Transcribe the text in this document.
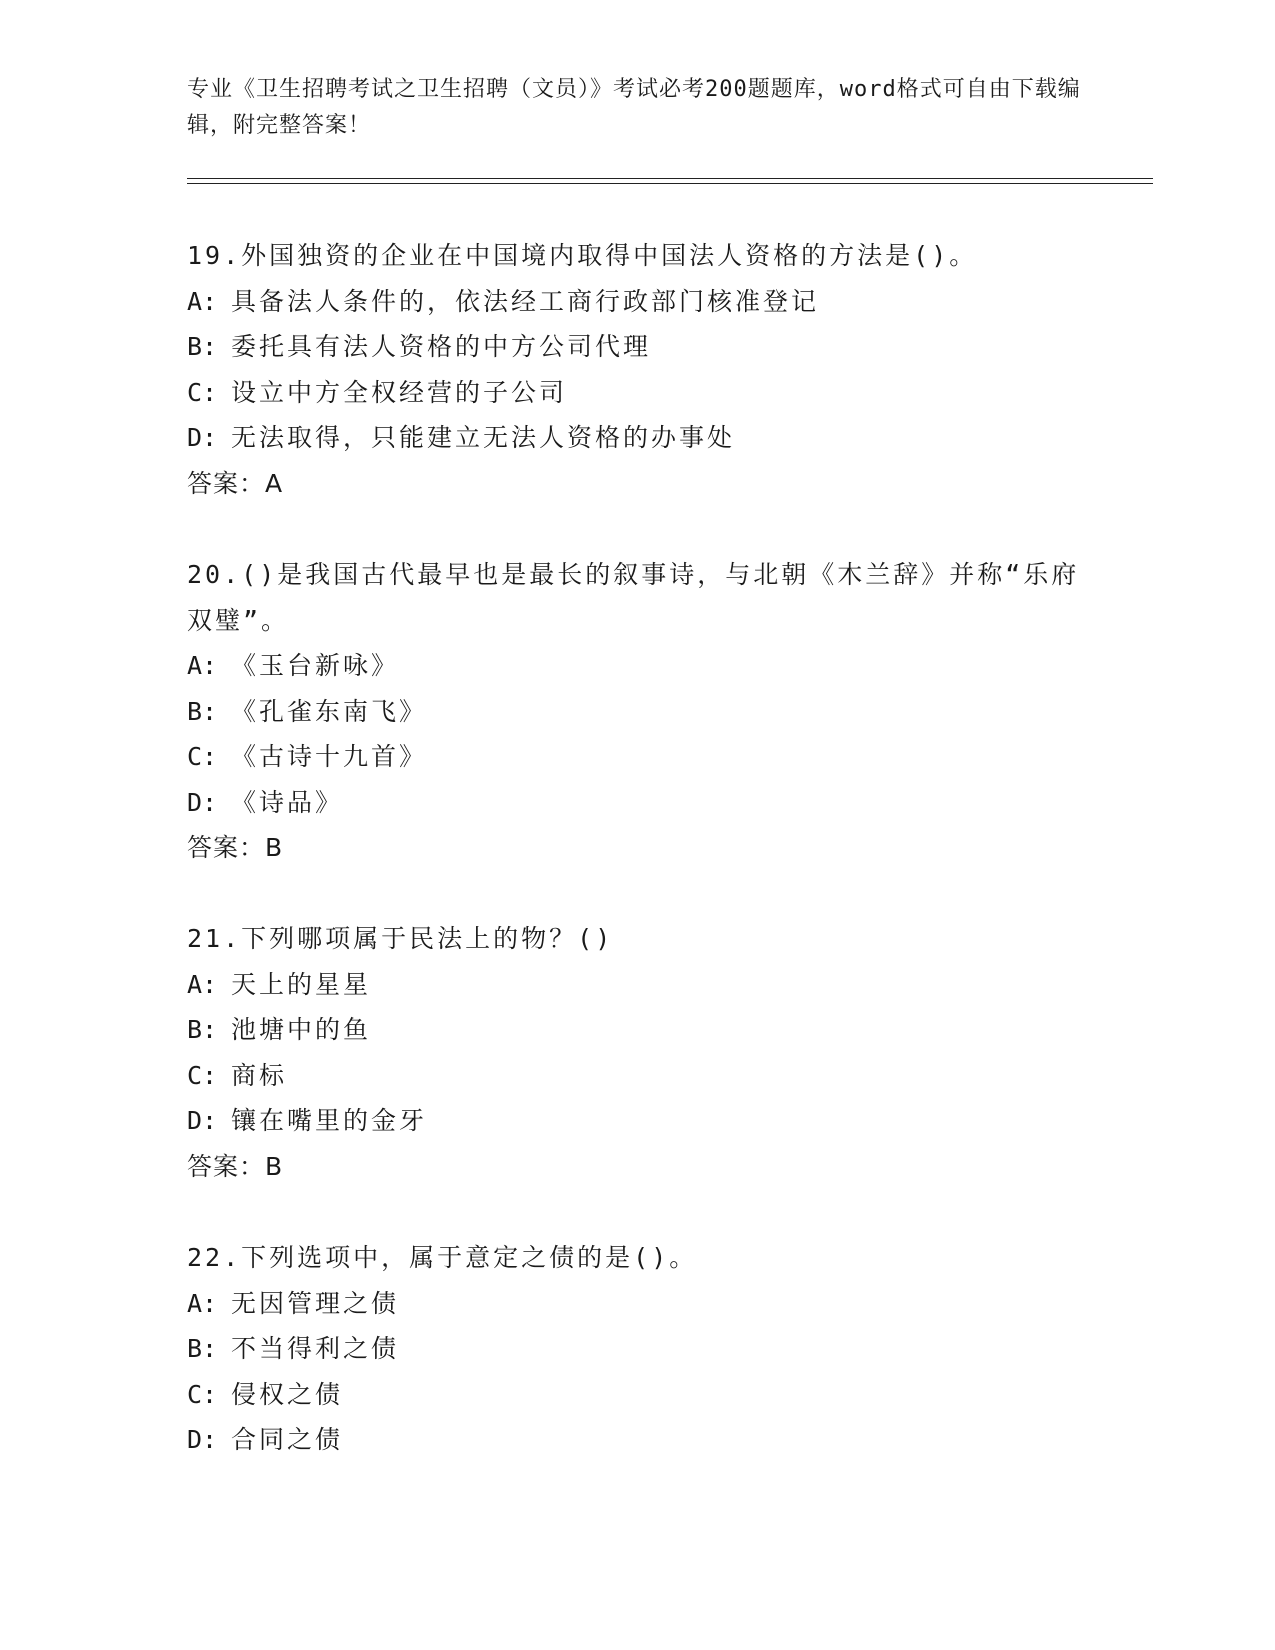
专业《卫生招聘考试之卫生招聘（文员）》考试必考200题题库，word格式可自由下载编辑，附完整答案！
19.外国独资的企业在中国境内取得中国法人资格的方法是()。
A: 具备法人条件的，依法经工商行政部门核准登记
B: 委托具有法人资格的中方公司代理
C: 设立中方全权经营的子公司
D: 无法取得，只能建立无法人资格的办事处
答案：A
20.()是我国古代最早也是最长的叙事诗，与北朝《木兰辞》并称“乐府双璧”。
A: 《玉台新咏》
B: 《孔雀东南飞》
C: 《古诗十九首》
D: 《诗品》
答案：B
21.下列哪项属于民法上的物？()
A: 天上的星星
B: 池塘中的鱼
C: 商标
D: 镶在嘴里的金牙
答案：B
22.下列选项中，属于意定之债的是()。
A: 无因管理之债
B: 不当得利之债
C: 侵权之债
D: 合同之债
